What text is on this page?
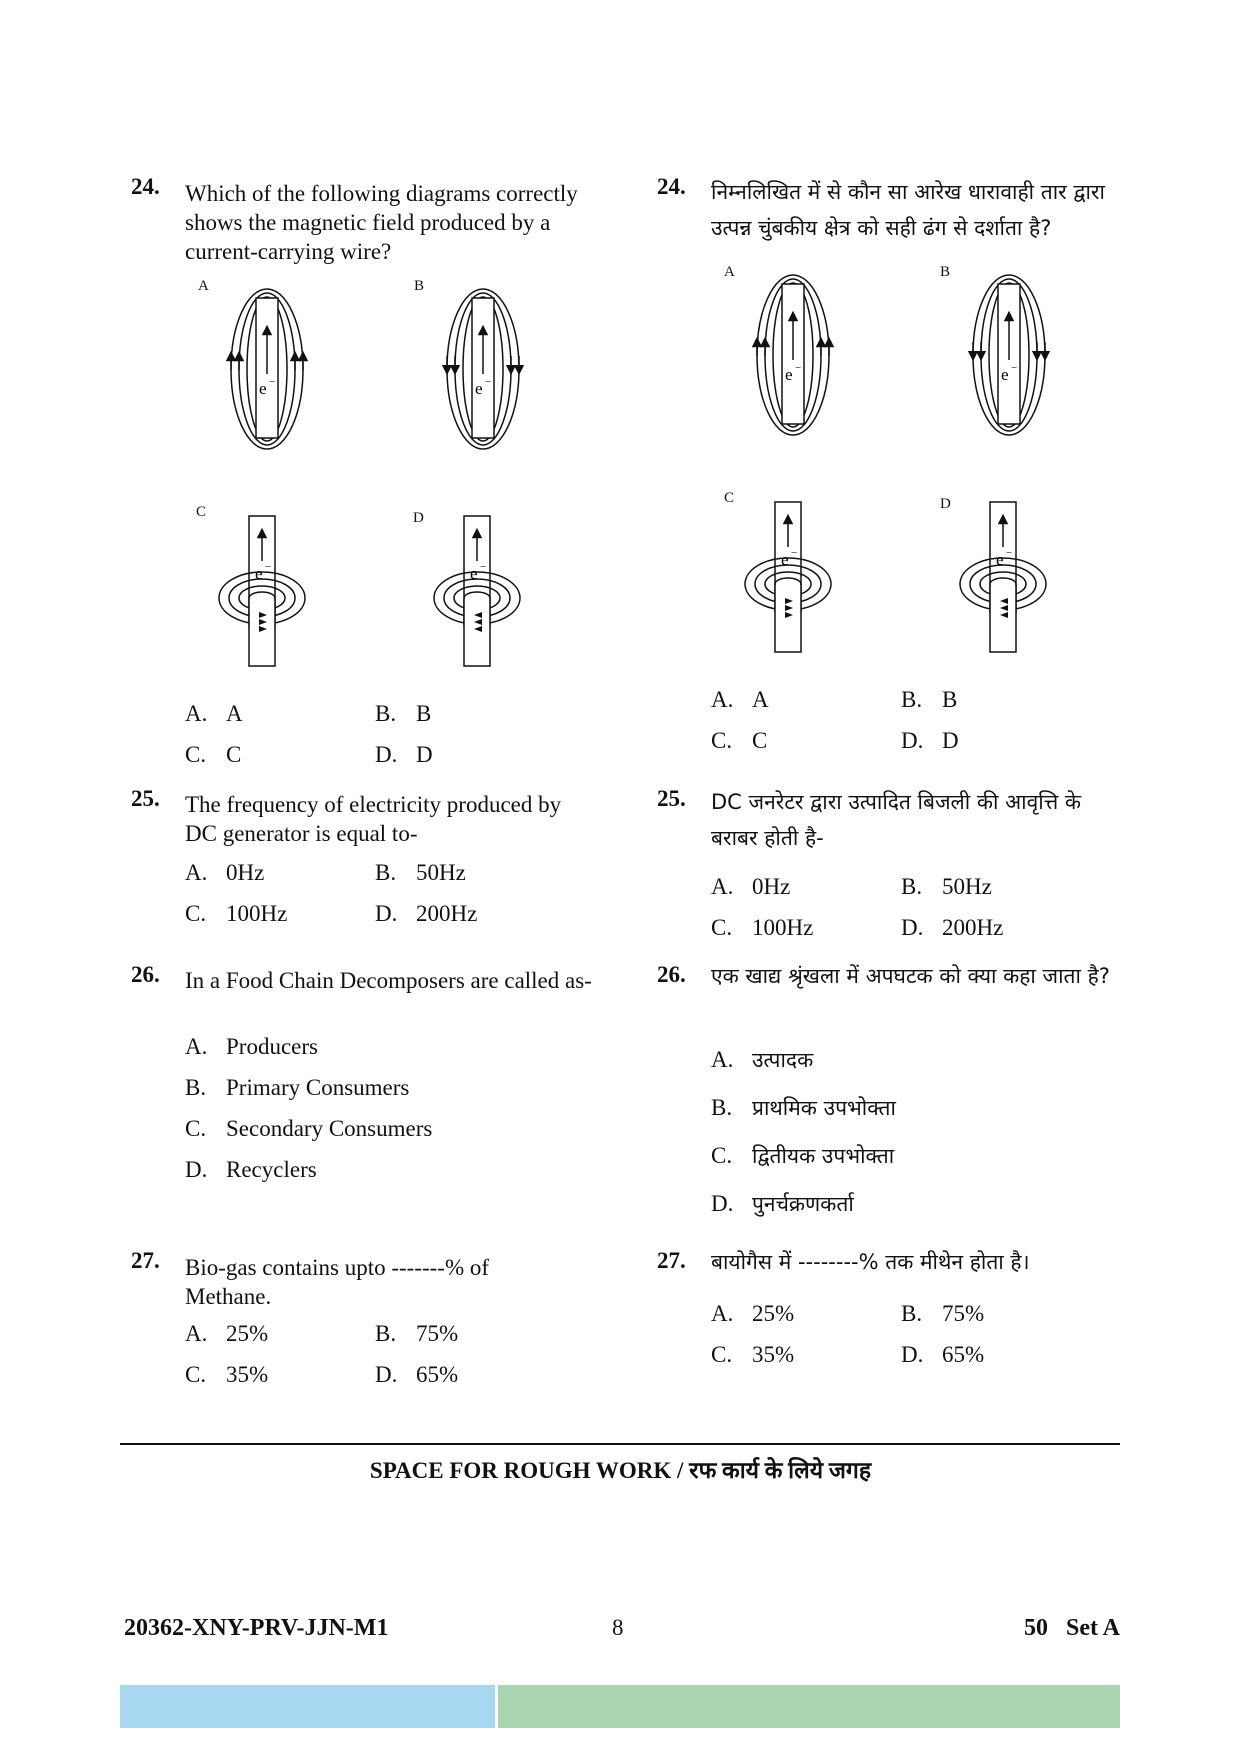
24. Which of the following diagrams correctly shows the magnetic field produced by a current-carrying wire?
A
e −
B
e −
C
e −
D
e −
A. A	B. B
C. C	D. D
25. The frequency of electricity produced by DC generator is equal to-
A. 0Hz	B. 50Hz
C. 100Hz	D. 200Hz
26. In a Food Chain Decomposers are called as-
A. Producers
B. Primary Consumers
C. Secondary Consumers
D. Recyclers
27. Bio-gas contains upto -------% of Methane.
A. 25%	B. 75%
C. 35%	D. 65%
24. निम्नलिखित में से कौन सा आरेख धारावाही तार द्वारा उत्पन्न चुंबकीय क्षेत्र को सही ढंग से दर्शाता है?
A
e −
B
e −
C
e −
D
e −
A. A	B. B
C. C	D. D
25. DC जनरेटर द्वारा उत्पादित बिजली की आवृत्ति के बराबर होती है-
A. 0Hz	B. 50Hz
C. 100Hz	D. 200Hz
26. एक खाद्य श्रृंखला में अपघटक को क्या कहा जाता है?
A. उत्पादक
B. प्राथमिक उपभोक्ता
C. द्वितीयक उपभोक्ता
D. पुनर्चक्रणकर्ता
27. बायोगैस में --------% तक मीथेन होता है।
A. 25%	B. 75%
C. 35%	D. 65%
SPACE FOR ROUGH WORK / रफ कार्य के लिये जगह
20362-XNY-PRV-JJN-M1	8	50   Set A
